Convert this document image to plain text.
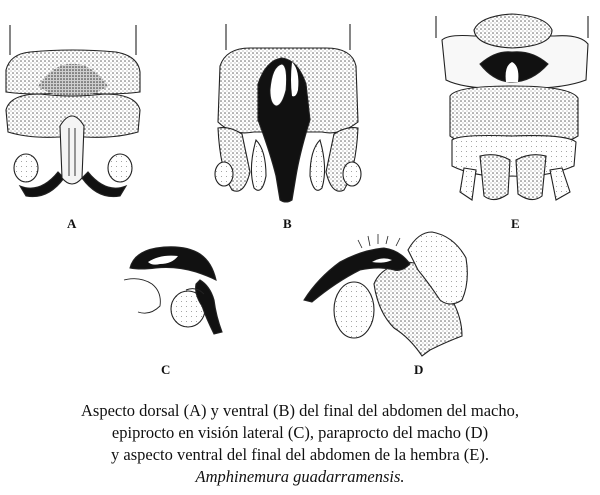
A	B	E
C	D
Aspecto dorsal (A) y ventral (B) del final del abdomen del macho,
epiprocto en visión lateral (C), paraprocto del macho (D)
y aspecto ventral del final del abdomen de la hembra (E).
Amphinemura guadarramensis.
